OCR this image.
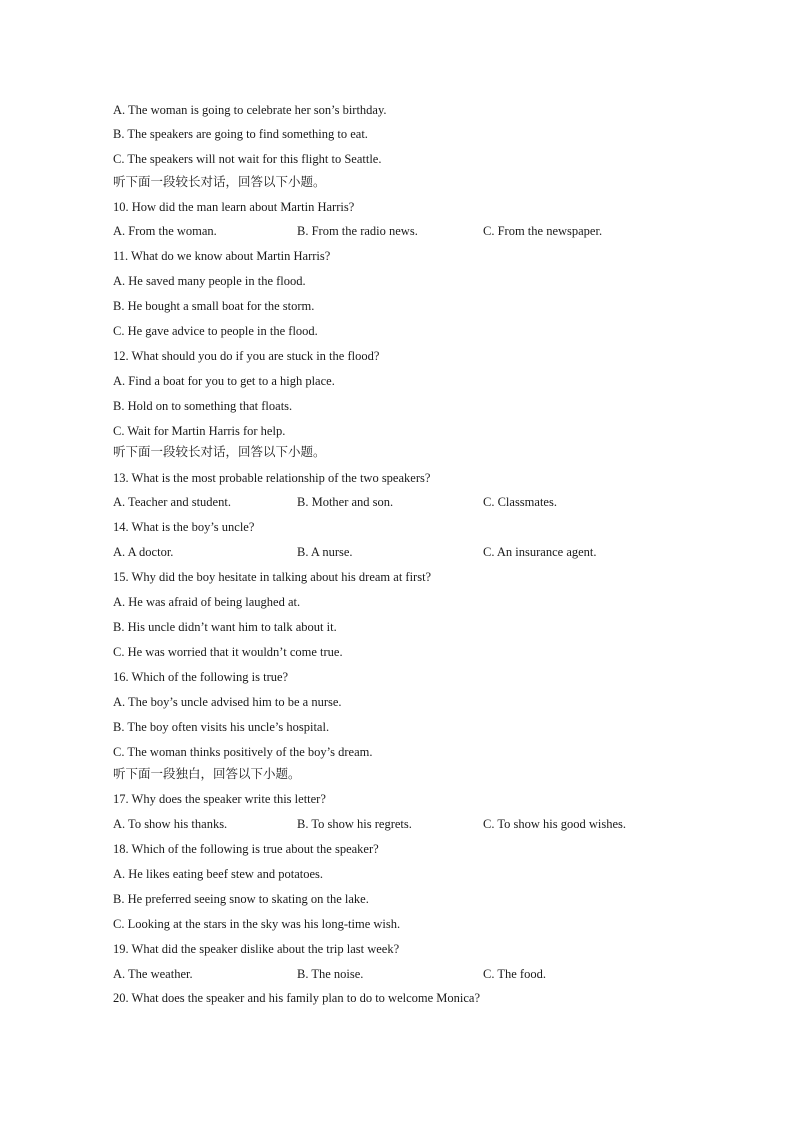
A. The woman is going to celebrate her son’s birthday.
B. The speakers are going to find something to eat.
C. The speakers will not wait for this flight to Seattle.
听下面一段较长对话，回答以下小题。
10. How did the man learn about Martin Harris?
A. From the woman.	B. From the radio news.	C. From the newspaper.
11. What do we know about Martin Harris?
A. He saved many people in the flood.
B. He bought a small boat for the storm.
C. He gave advice to people in the flood.
12. What should you do if you are stuck in the flood?
A. Find a boat for you to get to a high place.
B. Hold on to something that floats.
C. Wait for Martin Harris for help.
听下面一段较长对话，回答以下小题。
13. What is the most probable relationship of the two speakers?
A. Teacher and student.	B. Mother and son.	C. Classmates.
14. What is the boy’s uncle?
A. A doctor.	B. A nurse.	C. An insurance agent.
15. Why did the boy hesitate in talking about his dream at first?
A. He was afraid of being laughed at.
B. His uncle didn’t want him to talk about it.
C. He was worried that it wouldn’t come true.
16. Which of the following is true?
A. The boy’s uncle advised him to be a nurse.
B. The boy often visits his uncle’s hospital.
C. The woman thinks positively of the boy’s dream.
听下面一段独白，回答以下小题。
17. Why does the speaker write this letter?
A. To show his thanks.	B. To show his regrets.	C. To show his good wishes.
18. Which of the following is true about the speaker?
A. He likes eating beef stew and potatoes.
B. He preferred seeing snow to skating on the lake.
C. Looking at the stars in the sky was his long-time wish.
19. What did the speaker dislike about the trip last week?
A. The weather.	B. The noise.	C. The food.
20. What does the speaker and his family plan to do to welcome Monica?
